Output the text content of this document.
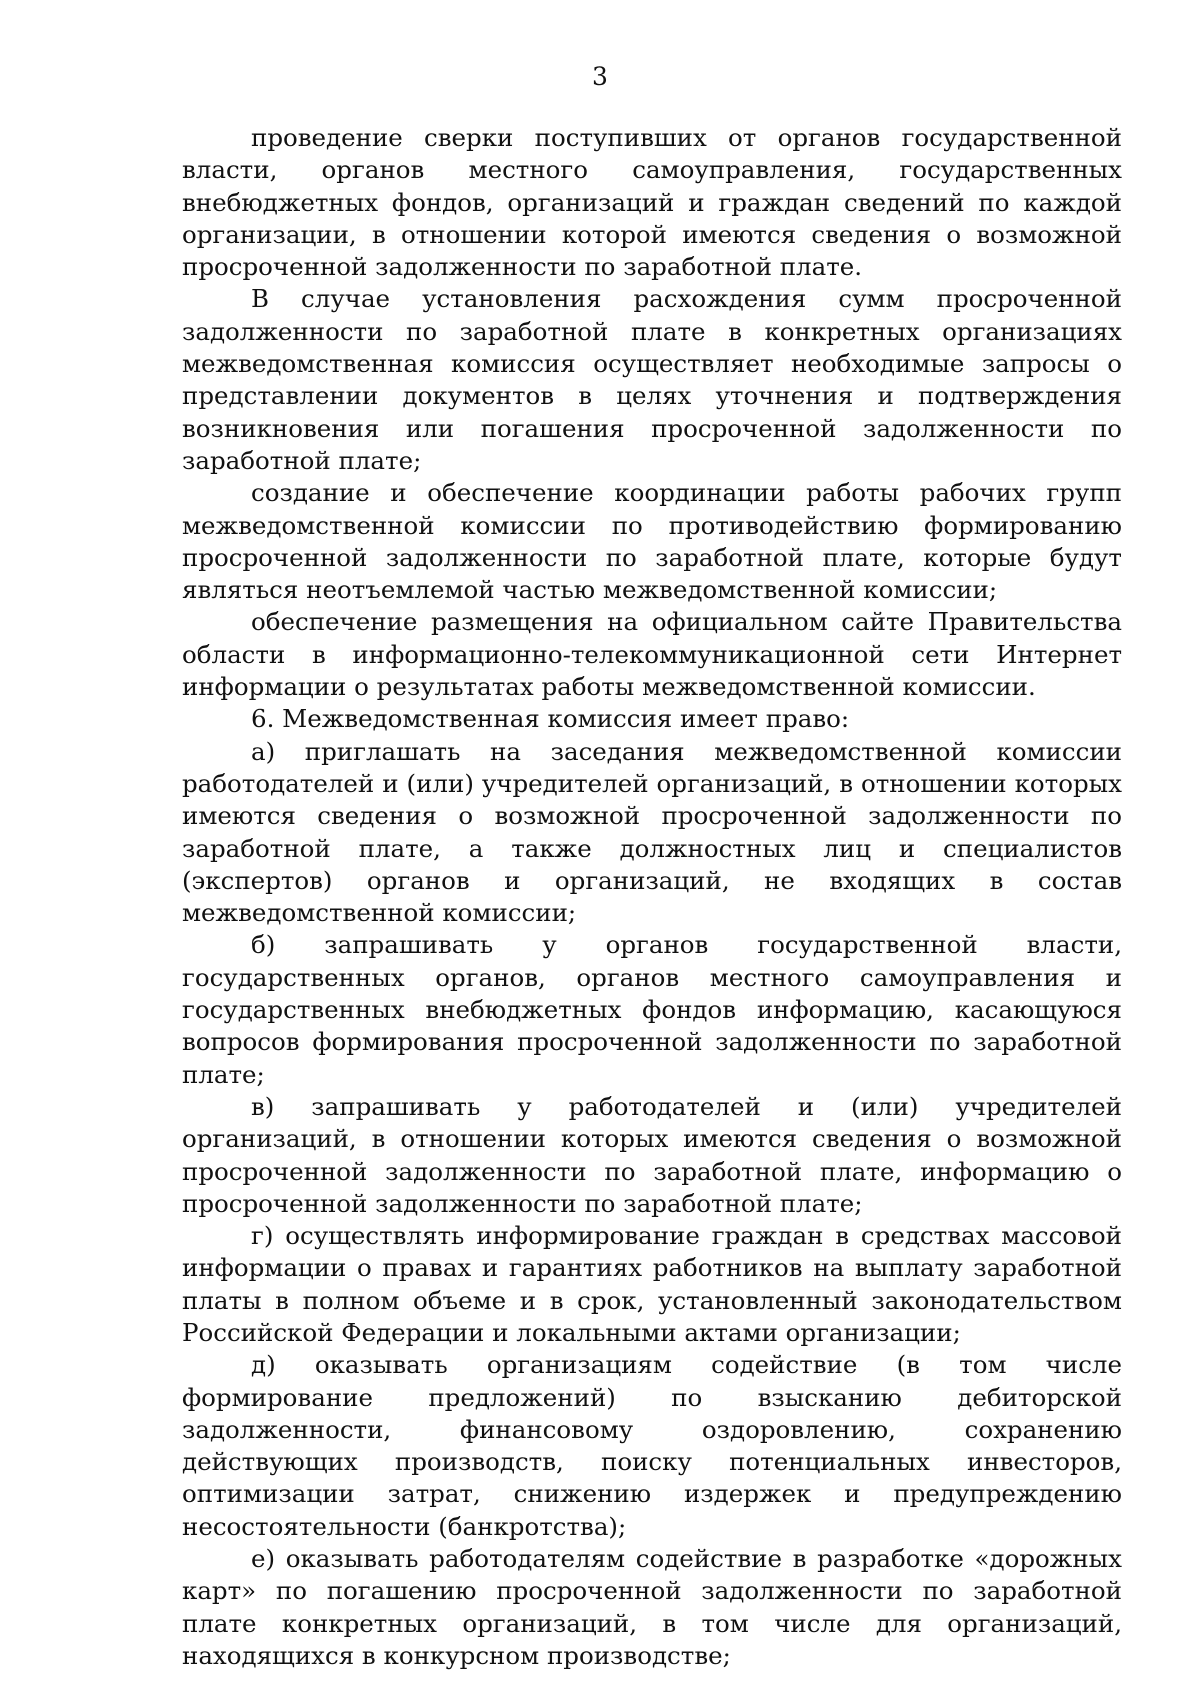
3

проведение сверки поступивших от органов государственной власти, органов местного самоуправления, государственных внебюджетных фондов, организаций и граждан сведений по каждой организации, в отношении которой имеются сведения о возможной просроченной задолженности по заработной плате.

В случае установления расхождения сумм просроченной задолженности по заработной плате в конкретных организациях межведомственная комиссия осуществляет необходимые запросы о представлении документов в целях уточнения и подтверждения возникновения или погашения просроченной задолженности по заработной плате;

создание и обеспечение координации работы рабочих групп межведомственной комиссии по противодействию формированию просроченной задолженности по заработной плате, которые будут являться неотъемлемой частью межведомственной комиссии;

обеспечение размещения на официальном сайте Правительства области в информационно-телекоммуникационной сети Интернет информации о результатах работы межведомственной комиссии.

6. Межведомственная комиссия имеет право:

а) приглашать на заседания межведомственной комиссии работодателей и (или) учредителей организаций, в отношении которых имеются сведения о возможной просроченной задолженности по заработной плате, а также должностных лиц и специалистов (экспертов) органов и организаций, не входящих в состав межведомственной комиссии;

б) запрашивать у органов государственной власти, государственных органов, органов местного самоуправления и государственных внебюджетных фондов информацию, касающуюся вопросов формирования просроченной задолженности по заработной плате;

в) запрашивать у работодателей и (или) учредителей организаций, в отношении которых имеются сведения о возможной просроченной задолженности по заработной плате, информацию о просроченной задолженности по заработной плате;

г) осуществлять информирование граждан в средствах массовой информации о правах и гарантиях работников на выплату заработной платы в полном объеме и в срок, установленный законодательством Российской Федерации и локальными актами организации;

д) оказывать организациям содействие (в том числе формирование предложений) по взысканию дебиторской задолженности, финансовому оздоровлению, сохранению действующих производств, поиску потенциальных инвесторов, оптимизации затрат, снижению издержек и предупреждению несостоятельности (банкротства);

е) оказывать работодателям содействие в разработке «дорожных карт» по погашению просроченной задолженности по заработной плате конкретных организаций, в том числе для организаций, находящихся в конкурсном производстве;
